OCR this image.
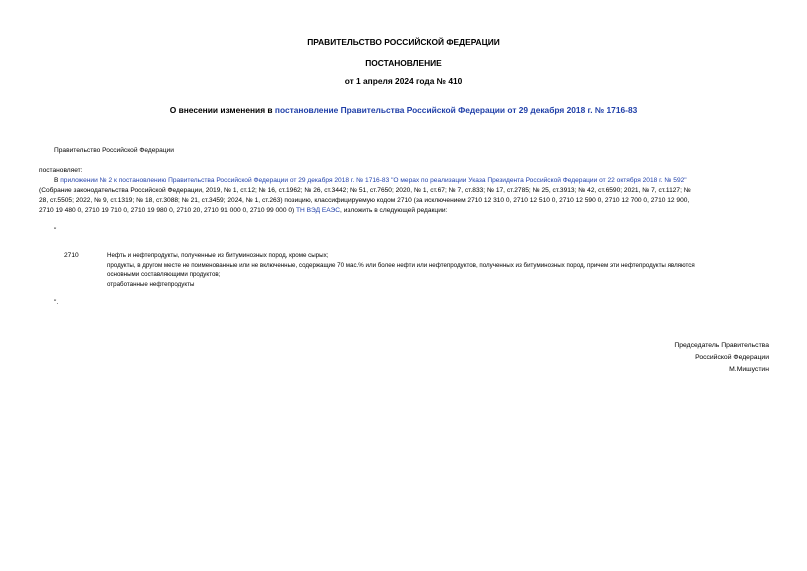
ПРАВИТЕЛЬСТВО РОССИЙСКОЙ ФЕДЕРАЦИИ
ПОСТАНОВЛЕНИЕ
от 1 апреля 2024 года № 410
О внесении изменения в постановление Правительства Российской Федерации от 29 декабря 2018 г. № 1716-83
Правительство Российской Федерации
постановляет:
В приложении № 2 к постановлению Правительства Российской Федерации от 29 декабря 2018 г. № 1716-83 "О мерах по реализации Указа Президента Российской Федерации от 22 октября 2018 г. № 592"
(Собрание законодательства Российской Федерации, 2019, № 1, ст.12; № 16, ст.1962; № 26, ст.3442; № 51, ст.7650; 2020, № 1, ст.67; № 7, ст.833; № 17, ст.2785; № 25, ст.3913; № 42, ст.6590; 2021, № 7, ст.1127; №
28, ст.5505; 2022, № 9, ст.1319; № 18, ст.3088; № 21, ст.3459; 2024, № 1, ст.263) позицию, классифицируемую кодом 2710 (за исключением 2710 12 310 0, 2710 12 510 0, 2710 12 590 0, 2710 12 700 0, 2710 12 900,
2710 19 480 0, 2710 19 710 0, 2710 19 980 0, 2710 20, 2710 91 000 0, 2710 99 000 0) ТН ВЭД ЕАЭС, изложить в следующей редакции:
"
2710	Нефть и нефтепродукты, полученные из битуминозных пород, кроме сырых;
продукты, в другом месте не поименованные или не включенные, содержащие 70 мас.% или более нефти или нефтепродуктов, полученных из битуминозных пород, причем эти нефтепродукты являются
основными составляющими продуктов;
отработанные нефтепродукты
".
Председатель Правительства
Российской Федерации
М.Мишустин
